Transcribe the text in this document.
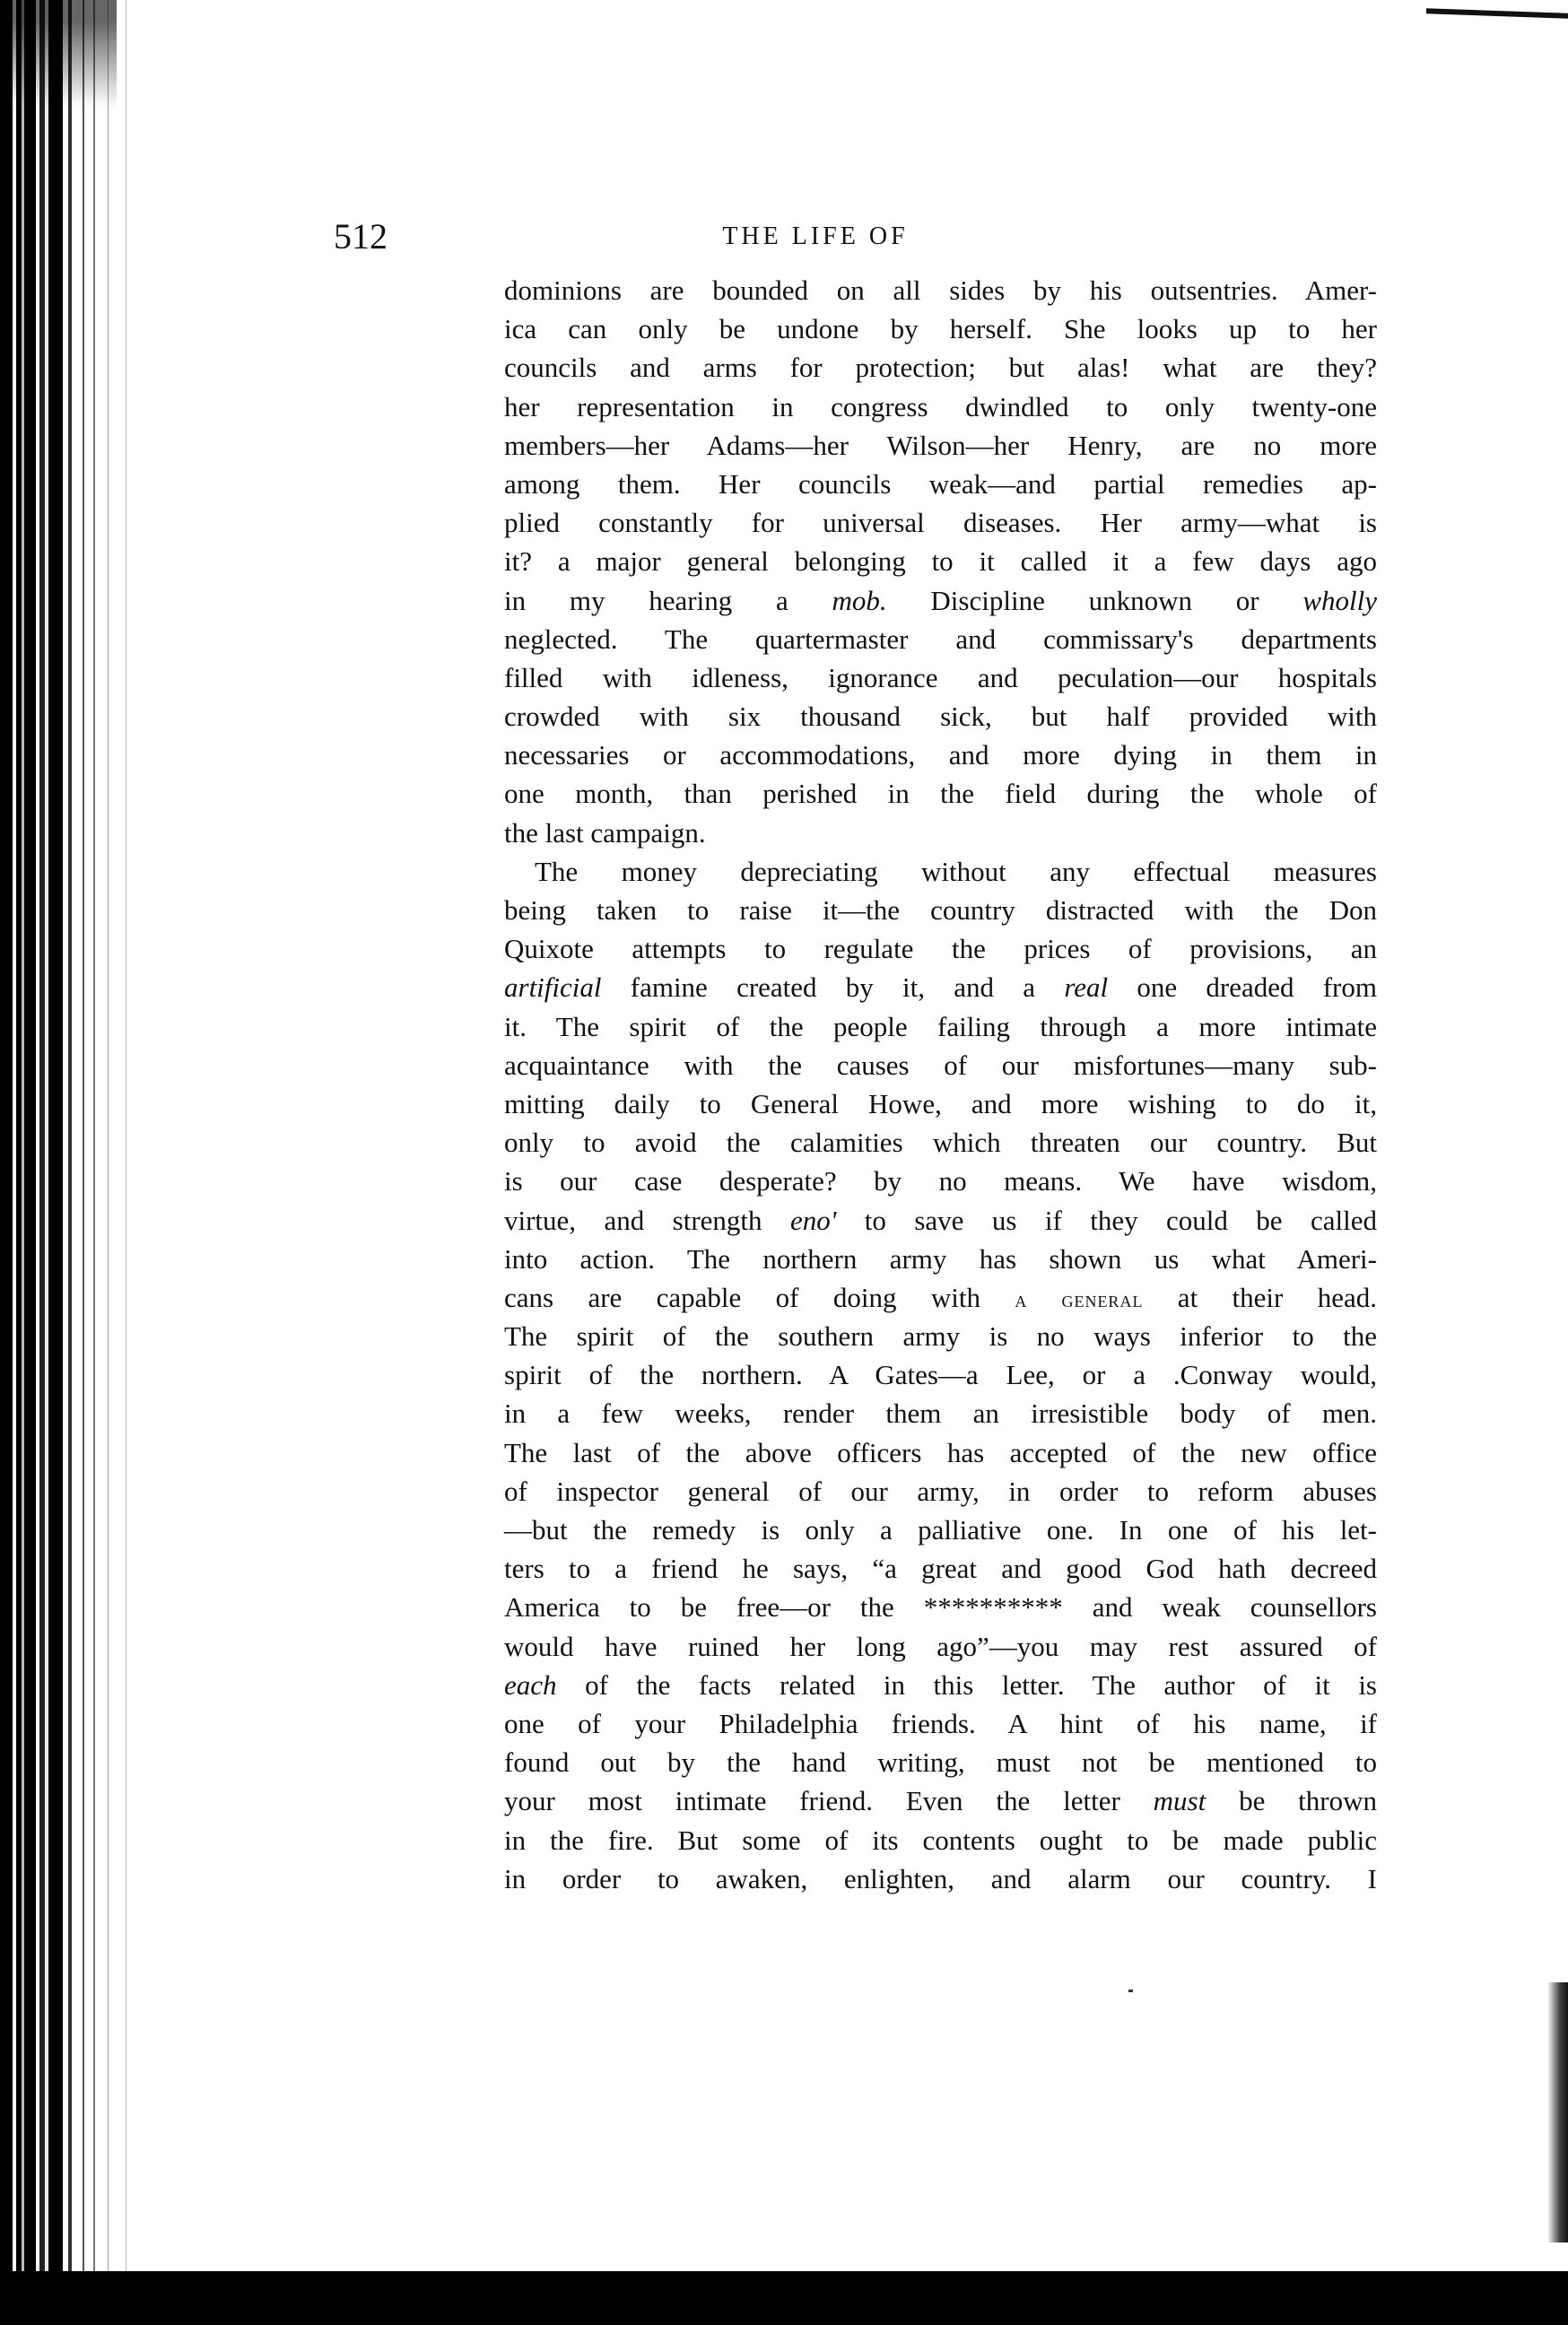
512	THE LIFE OF
dominions are bounded on all sides by his outsentries. Amer-
ica can only be undone by herself. She looks up to her
councils and arms for protection; but alas! what are they?
her representation in congress dwindled to only twenty-one
members—her Adams—her Wilson—her Henry, are no more
among them. Her councils weak—and partial remedies ap-
plied constantly for universal diseases. Her army—what is
it? a major general belonging to it called it a few days ago
in my hearing a mob. Discipline unknown or wholly
neglected. The quartermaster and commissary's departments
filled with idleness, ignorance and peculation—our hospitals
crowded with six thousand sick, but half provided with
necessaries or accommodations, and more dying in them in
one month, than perished in the field during the whole of
the last campaign.
The money depreciating without any effectual measures
being taken to raise it—the country distracted with the Don
Quixote attempts to regulate the prices of provisions, an
artificial famine created by it, and a real one dreaded from
it. The spirit of the people failing through a more intimate
acquaintance with the causes of our misfortunes—many sub-
mitting daily to General Howe, and more wishing to do it,
only to avoid the calamities which threaten our country. But
is our case desperate? by no means. We have wisdom,
virtue, and strength eno' to save us if they could be called
into action. The northern army has shown us what Ameri-
cans are capable of doing with a general at their head.
The spirit of the southern army is no ways inferior to the
spirit of the northern. A Gates—a Lee, or a .Conway would,
in a few weeks, render them an irresistible body of men.
The last of the above officers has accepted of the new office
of inspector general of our army, in order to reform abuses
—but the remedy is only a palliative one. In one of his let-
ters to a friend he says, “a great and good God hath decreed
America to be free—or the ********** and weak counsellors
would have ruined her long ago”—you may rest assured of
each of the facts related in this letter. The author of it is
one of your Philadelphia friends. A hint of his name, if
found out by the hand writing, must not be mentioned to
your most intimate friend. Even the letter must be thrown
in the fire. But some of its contents ought to be made public
in order to awaken, enlighten, and alarm our country. I
